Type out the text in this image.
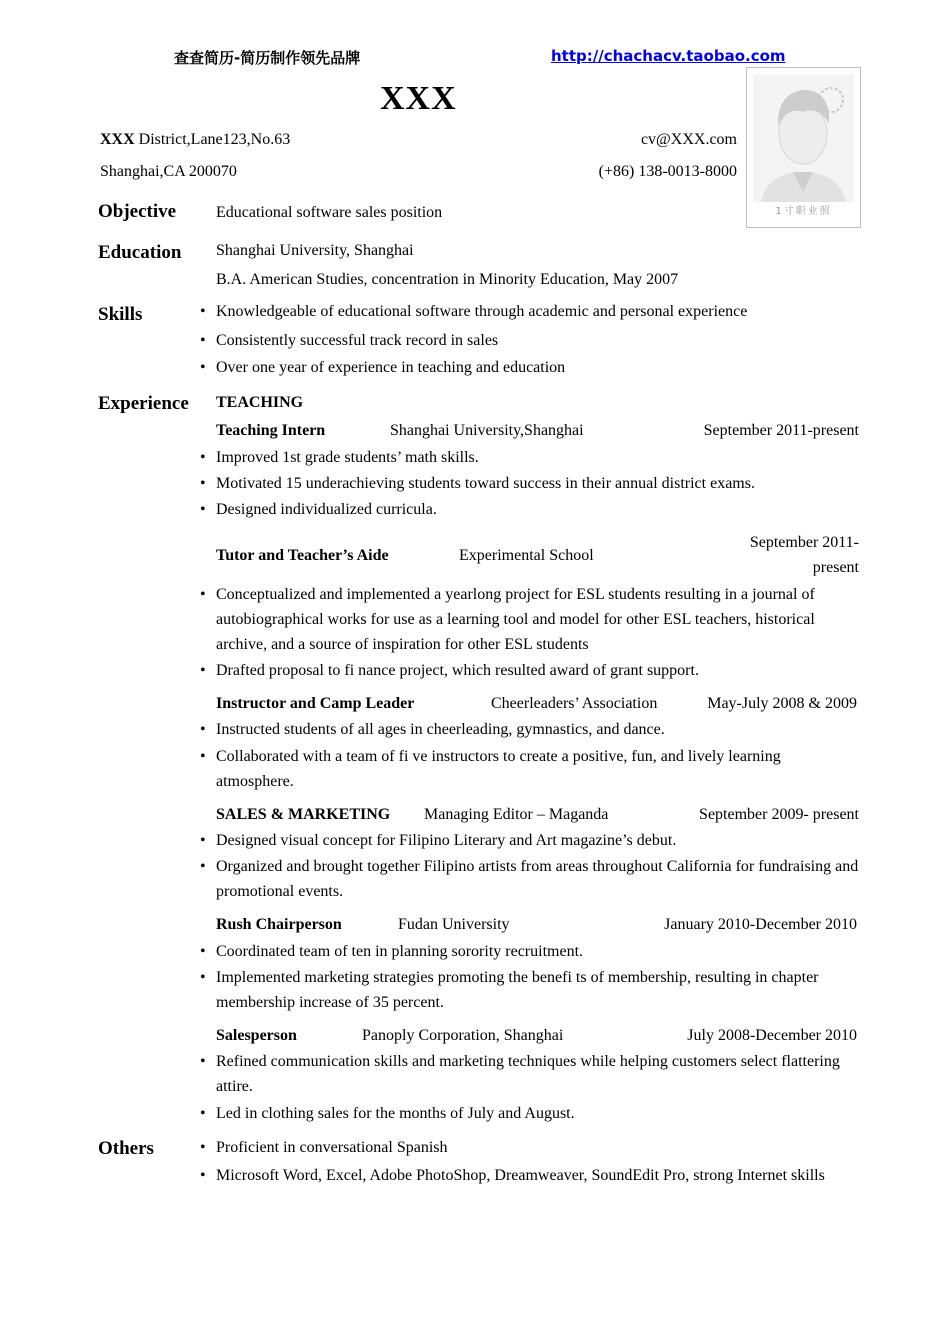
查查简历-简历制作领先品牌	http://chachacv.taobao.com
XXX
XXX District,Lane123,No.63
Shanghai,CA 200070
cv@XXX.com
(+86) 138-0013-8000
1寸职业照
Objective Educational software sales position
Education Shanghai University, Shanghai
B.A. American Studies, concentration in Minority Education, May 2007
Skills	• Knowledgeable of educational software through academic and personal experience
• Consistently successful track record in sales
• Over one year of experience in teaching and education
Experience TEACHING
Teaching Intern	Shanghai University,Shanghai	September 2011-present
• Improved 1st grade students’ math skills.
• Motivated 15 underachieving students toward success in their annual district exams.
• Designed individualized curricula.
Tutor and Teacher’s Aide	Experimental School
September 2011-
present
• Conceptualized and implemented a yearlong project for ESL students resulting in a journal of autobiographical works for use as a learning tool and model for other ESL teachers, historical archive, and a source of inspiration for other ESL students
• Drafted proposal to fi nance project, which resulted award of grant support.
Instructor and Camp Leader	Cheerleaders’ Association	May-July 2008 & 2009
• Instructed students of all ages in cheerleading, gymnastics, and dance.
• Collaborated with a team of fi ve instructors to create a positive, fun, and lively learning atmosphere.
SALES & MARKETING Managing Editor – Maganda	September 2009- present
• Designed visual concept for Filipino Literary and Art magazine’s debut.
• Organized and brought together Filipino artists from areas throughout California for fundraising and promotional events.
Rush Chairperson	Fudan University	January 2010-December 2010
• Coordinated team of ten in planning sorority recruitment.
• Implemented marketing strategies promoting the benefi ts of membership, resulting in chapter membership increase of 35 percent.
Salesperson	Panoply Corporation, Shanghai	July 2008-December 2010
• Refined communication skills and marketing techniques while helping customers select flattering attire.
• Led in clothing sales for the months of July and August.
Others	• Proficient in conversational Spanish
• Microsoft Word, Excel, Adobe PhotoShop, Dreamweaver, SoundEdit Pro, strong Internet skills
